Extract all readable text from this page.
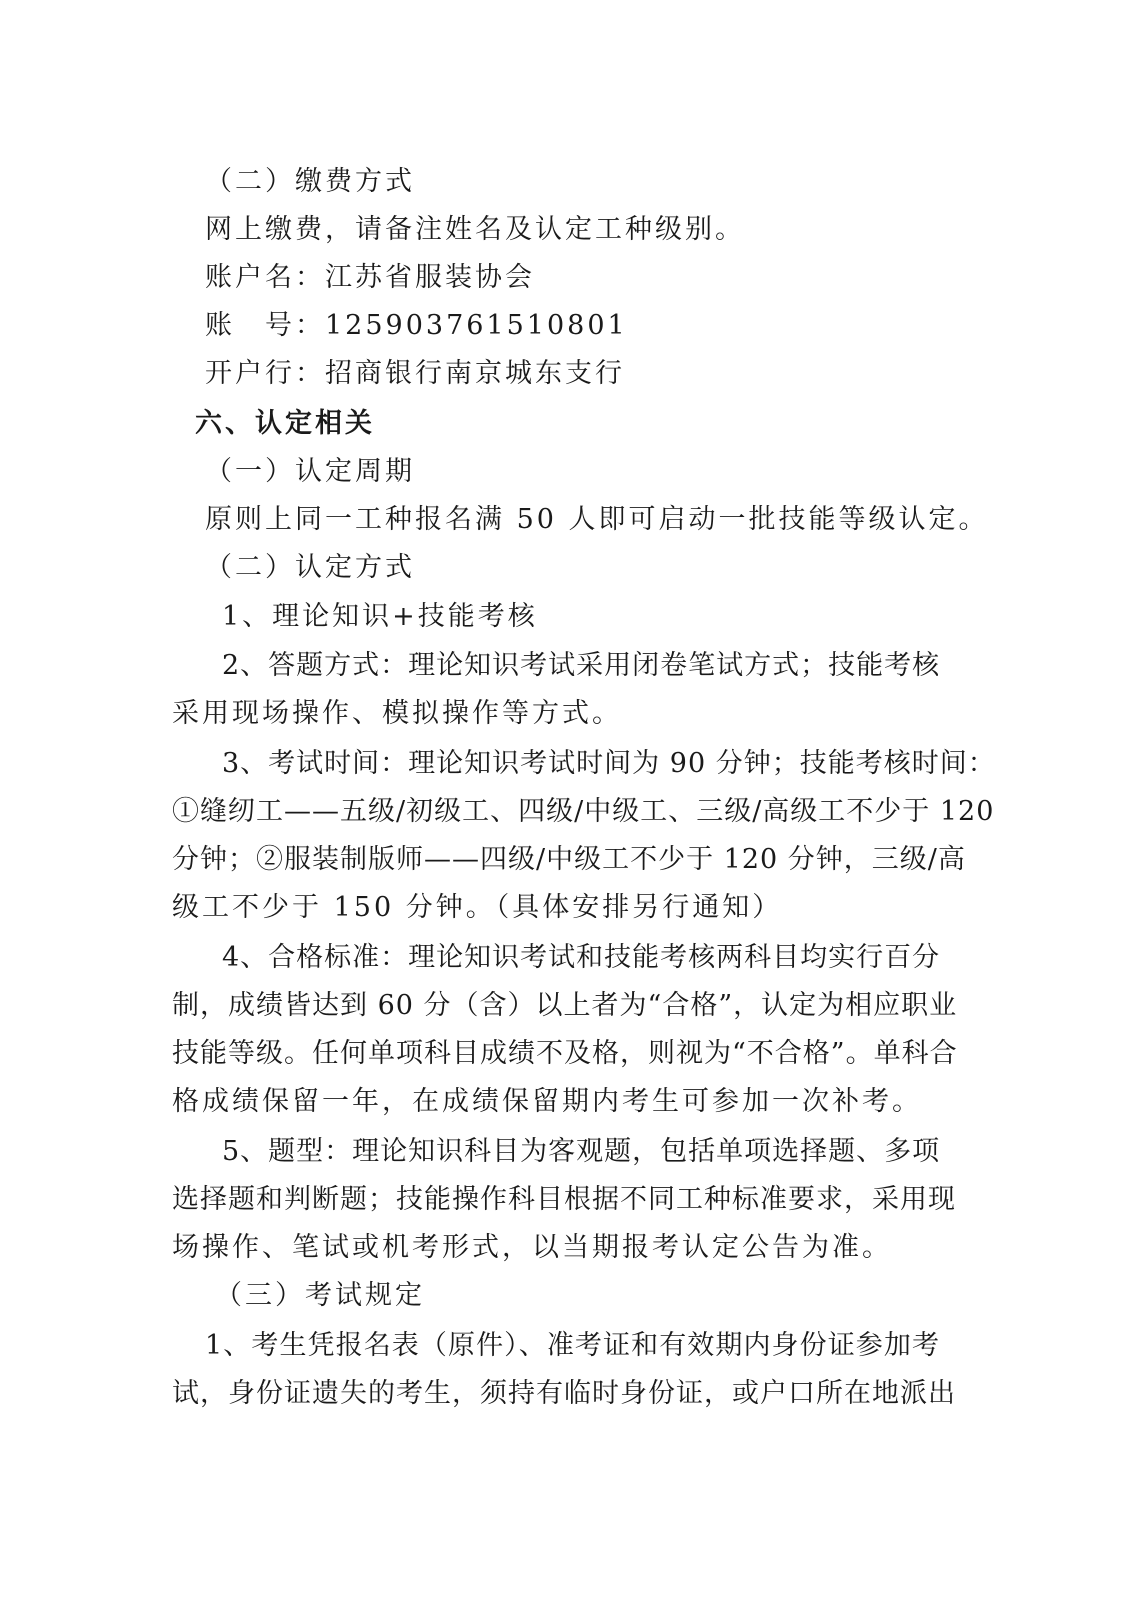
（二）缴费方式
网上缴费，请备注姓名及认定工种级别。
账户名：江苏省服装协会
账　号：125903761510801
开户行：招商银行南京城东支行
六、认定相关
（一）认定周期
原则上同一工种报名满 50 人即可启动一批技能等级认定。
（二）认定方式
1、理论知识+技能考核
2、答题方式：理论知识考试采用闭卷笔试方式；技能考核
采用现场操作、模拟操作等方式。
3、考试时间：理论知识考试时间为 90 分钟；技能考核时间：
①缝纫工——五级/初级工、四级/中级工、三级/高级工不少于 120
分钟；②服装制版师——四级/中级工不少于 120 分钟，三级/高
级工不少于 150 分钟。（具体安排另行通知）
4、合格标准：理论知识考试和技能考核两科目均实行百分
制，成绩皆达到 60 分（含）以上者为“合格”，认定为相应职业
技能等级。任何单项科目成绩不及格，则视为“不合格”。单科合
格成绩保留一年，在成绩保留期内考生可参加一次补考。
5、题型：理论知识科目为客观题，包括单项选择题、多项
选择题和判断题；技能操作科目根据不同工种标准要求，采用现
场操作、笔试或机考形式，以当期报考认定公告为准。
（三）考试规定
1、考生凭报名表（原件）、准考证和有效期内身份证参加考
试，身份证遗失的考生，须持有临时身份证，或户口所在地派出
